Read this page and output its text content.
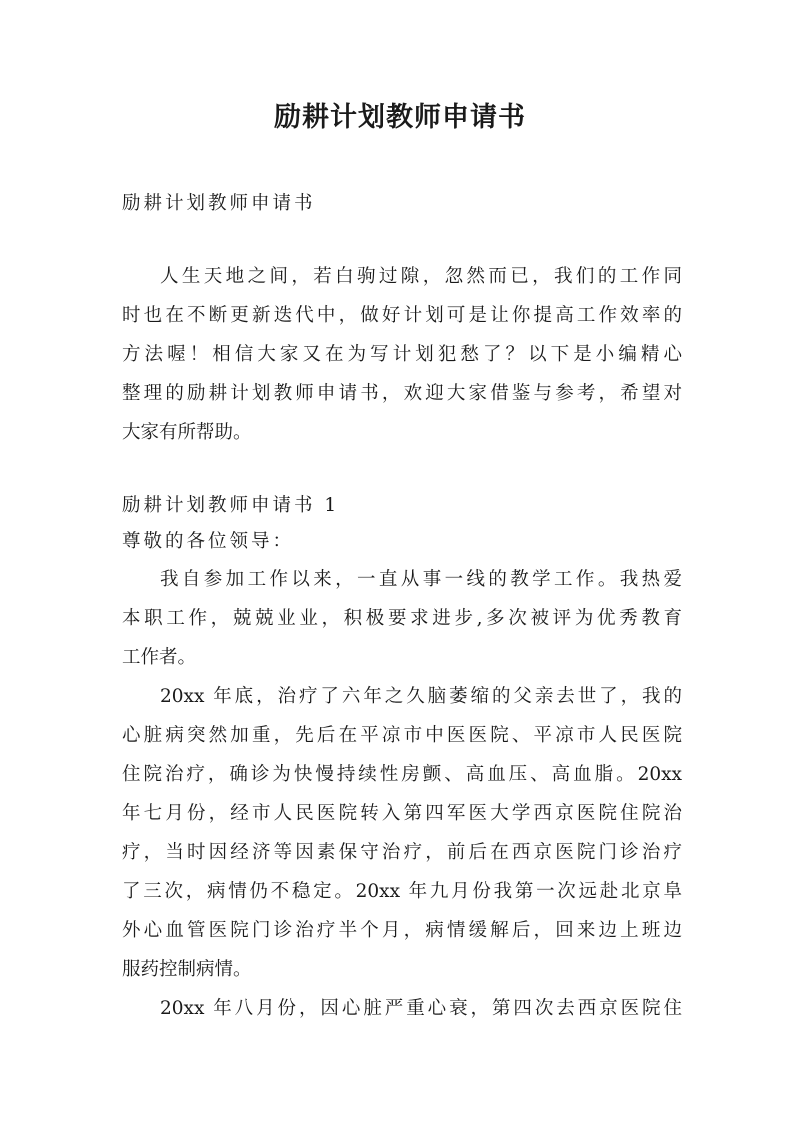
励耕计划教师申请书

励耕计划教师申请书

人生天地之间，若白驹过隙，忽然而已，我们的工作同
时也在不断更新迭代中，做好计划可是让你提高工作效率的
方法喔！相信大家又在为写计划犯愁了？以下是小编精心
整理的励耕计划教师申请书，欢迎大家借鉴与参考，希望对
大家有所帮助。

励耕计划教师申请书 1

尊敬的各位领导：

我自参加工作以来，一直从事一线的教学工作。我热爱
本职工作，兢兢业业，积极要求进步,多次被评为优秀教育
工作者。
20xx 年底，治疗了六年之久脑萎缩的父亲去世了，我的
心脏病突然加重，先后在平凉市中医医院、平凉市人民医院
住院治疗，确诊为快慢持续性房颤、高血压、高血脂。20xx
年七月份，经市人民医院转入第四军医大学西京医院住院治
疗，当时因经济等因素保守治疗，前后在西京医院门诊治疗
了三次，病情仍不稳定。20xx 年九月份我第一次远赴北京阜
外心血管医院门诊治疗半个月，病情缓解后，回来边上班边
服药控制病情。
20xx 年八月份，因心脏严重心衰，第四次去西京医院住
